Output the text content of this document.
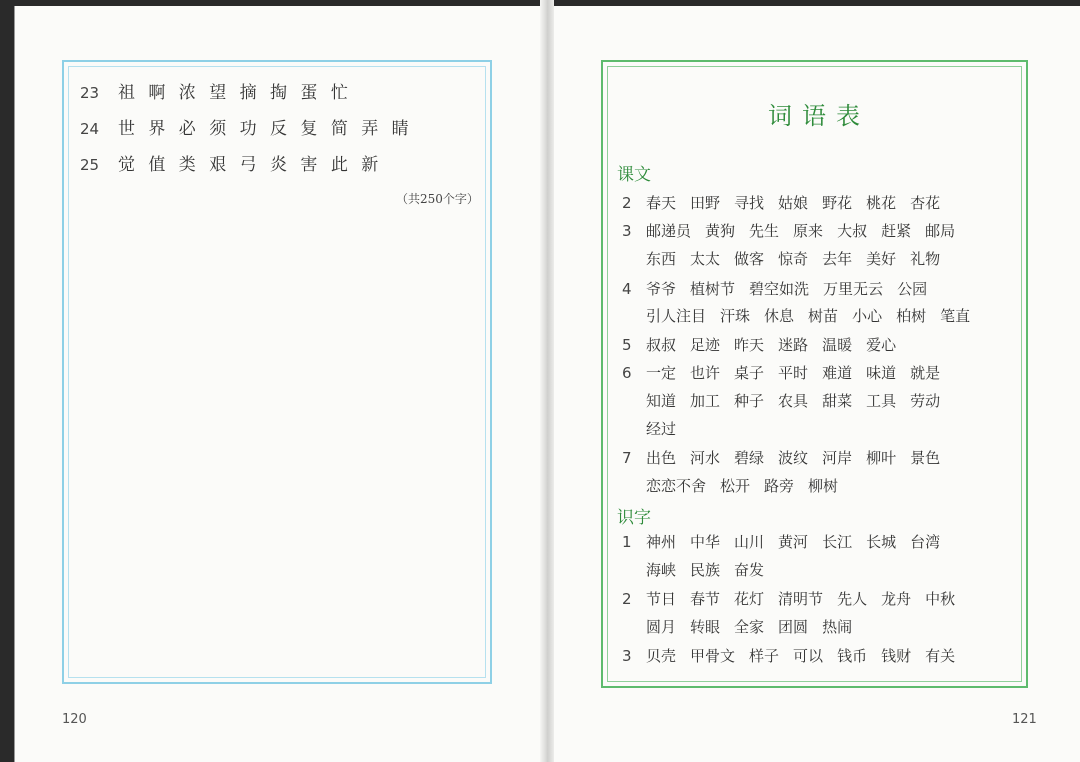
23 祖 啊 浓 望 摘 掏 蛋 忙
24 世 界 必 须 功 反 复 简 弄 睛
25 觉 值 类 艰 弓 炎 害 此 新
（共250个字）
120
词语表
课文
2 春天 田野 寻找 姑娘 野花 桃花 杏花
3 邮递员 黄狗 先生 原来 大叔 赶紧 邮局
东西 太太 做客 惊奇 去年 美好 礼物
4 爷爷 植树节 碧空如洗 万里无云 公园
引人注目 汗珠 休息 树苗 小心 柏树 笔直
5 叔叔 足迹 昨天 迷路 温暖 爱心
6 一定 也许 桌子 平时 难道 味道 就是
知道 加工 种子 农具 甜菜 工具 劳动
经过
7 出色 河水 碧绿 波纹 河岸 柳叶 景色
恋恋不舍 松开 路旁 柳树
识字
1 神州 中华 山川 黄河 长江 长城 台湾
海峡 民族 奋发
2 节日 春节 花灯 清明节 先人 龙舟 中秋
圆月 转眼 全家 团圆 热闹
3 贝壳 甲骨文 样子 可以 钱币 钱财 有关
121
